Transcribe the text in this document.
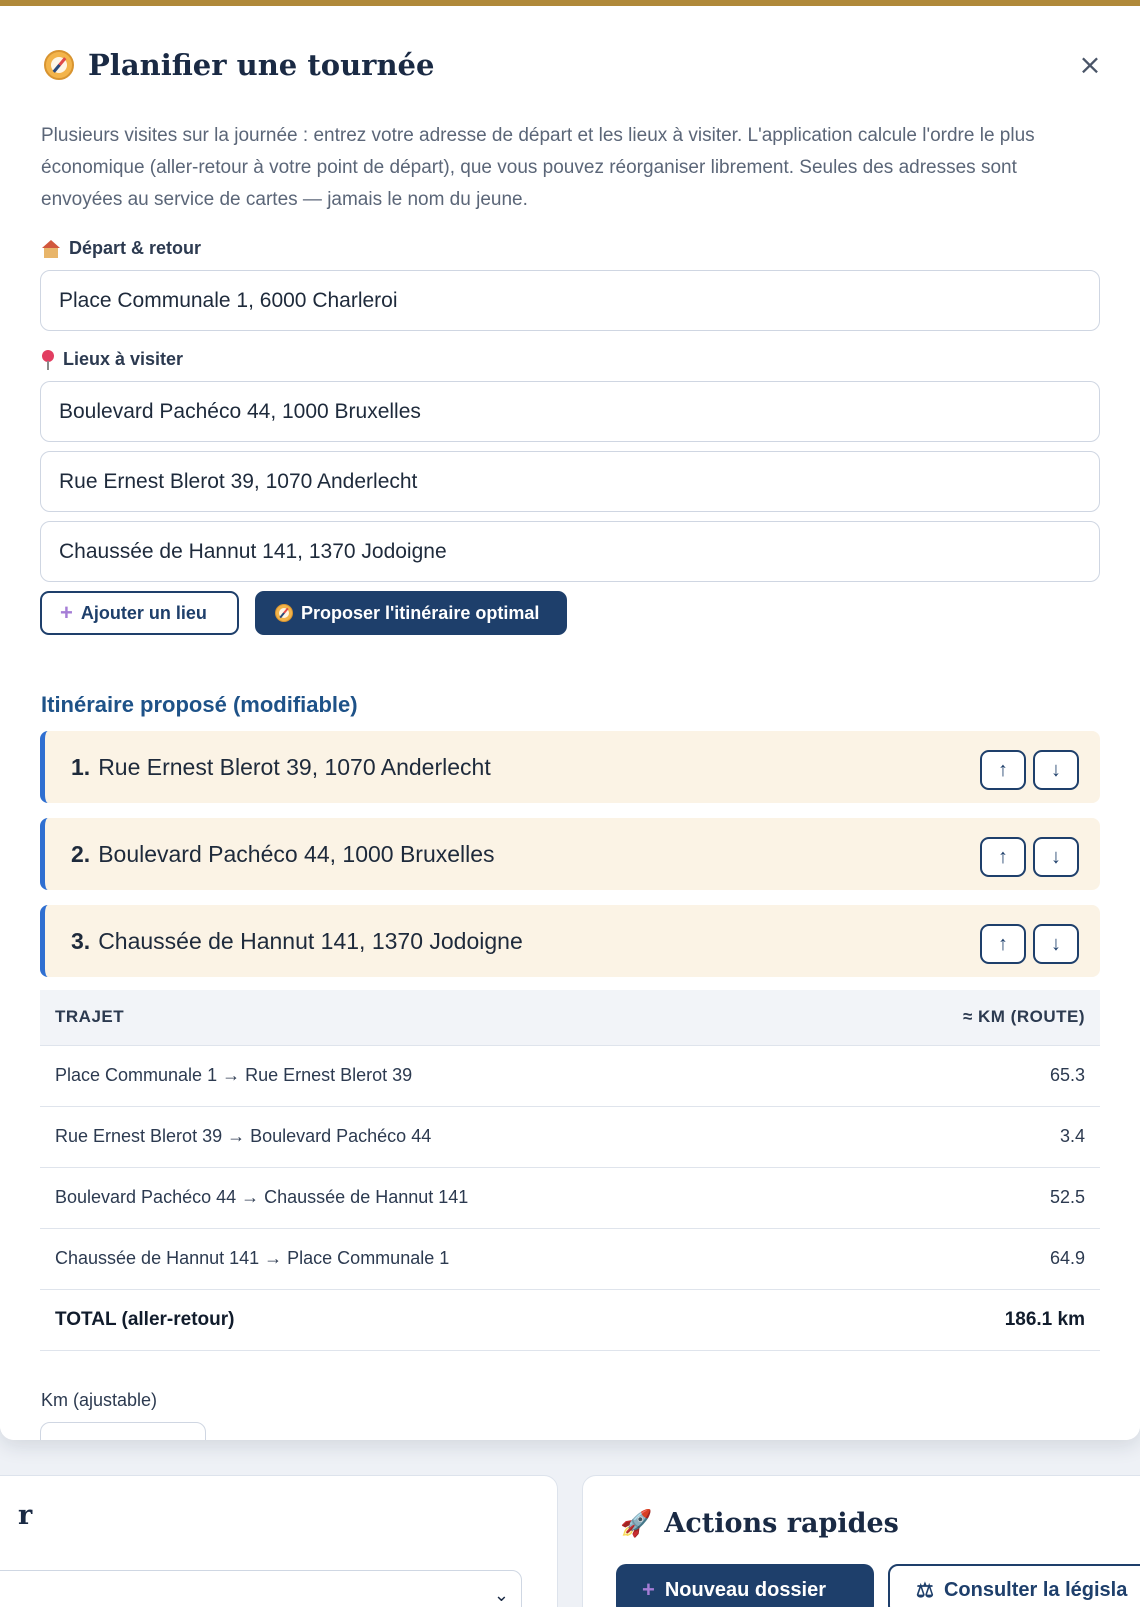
r
⌄
🚀 Actions rapides
+ Nouveau dossier	⚖ Consulter la législa
Planifier une tournée	×

Plusieurs visites sur la journée : entrez votre adresse de départ et les lieux à visiter. L'application calcule l'ordre le plus économique (aller-retour à votre point de départ), que vous pouvez réorganiser librement. Seules des adresses sont envoyées au service de cartes — jamais le nom du jeune.

Départ & retour
Place Communale 1, 6000 Charleroi
Lieux à visiter
Boulevard Pachéco 44, 1000 Bruxelles
Rue Ernest Blerot 39, 1070 Anderlecht
Chaussée de Hannut 141, 1370 Jodoigne
+ Ajouter un lieu	Proposer l'itinéraire optimal
Itinéraire proposé (modifiable)
1. Rue Ernest Blerot 39, 1070 Anderlecht	↑	↓
2. Boulevard Pachéco 44, 1000 Bruxelles	↑	↓
3. Chaussée de Hannut 141, 1370 Jodoigne	↑	↓
TRAJET	≈ KM (ROUTE)
Place Communale 1 → Rue Ernest Blerot 39	65.3
Rue Ernest Blerot 39 → Boulevard Pachéco 44	3.4
Boulevard Pachéco 44 → Chaussée de Hannut 141	52.5
Chaussée de Hannut 141 → Place Communale 1	64.9
TOTAL (aller-retour)	186.1 km
Km (ajustable)
